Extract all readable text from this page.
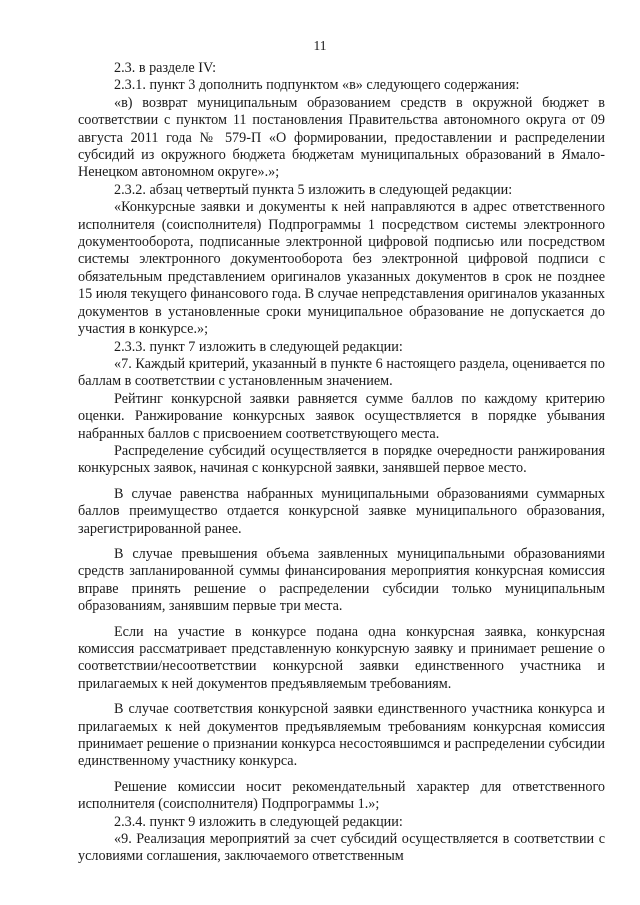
11

2.3. в разделе IV:

2.3.1. пункт 3 дополнить подпунктом «в» следующего содержания:

«в) возврат муниципальным образованием средств в окружной бюджет в соответствии с пунктом 11 постановления Правительства автономного округа от 09 августа 2011 года № 579-П «О формировании, предоставлении и распределении субсидий из окружного бюджета бюджетам муниципальных образований в Ямало-Ненецком автономном округе».»;

2.3.2. абзац четвертый пункта 5 изложить в следующей редакции:

«Конкурсные заявки и документы к ней направляются в адрес ответственного исполнителя (соисполнителя) Подпрограммы 1 посредством системы электронного документооборота, подписанные электронной цифровой подписью или посредством системы электронного документооборота без электронной цифровой подписи с обязательным представлением оригиналов указанных документов в срок не позднее 15 июля текущего финансового года. В случае непредставления оригиналов указанных документов в установленные сроки муниципальное образование не допускается до участия в конкурсе.»;

2.3.3. пункт 7 изложить в следующей редакции:

«7. Каждый критерий, указанный в пункте 6 настоящего раздела, оценивается по баллам в соответствии с установленным значением.

Рейтинг конкурсной заявки равняется сумме баллов по каждому критерию оценки. Ранжирование конкурсных заявок осуществляется в порядке убывания набранных баллов с присвоением соответствующего места.

Распределение субсидий осуществляется в порядке очередности ранжирования конкурсных заявок, начиная с конкурсной заявки, занявшей первое место.

В случае равенства набранных муниципальными образованиями суммарных баллов преимущество отдается конкурсной заявке муниципального образования, зарегистрированной ранее.

В случае превышения объема заявленных муниципальными образованиями средств запланированной суммы финансирования мероприятия конкурсная комиссия вправе принять решение о распределении субсидии только муниципальным образованиям, занявшим первые три места.

Если на участие в конкурсе подана одна конкурсная заявка, конкурсная комиссия рассматривает представленную конкурсную заявку и принимает решение о соответствии/несоответствии конкурсной заявки единственного участника и прилагаемых к ней документов предъявляемым требованиям.

В случае соответствия конкурсной заявки единственного участника конкурса и прилагаемых к ней документов предъявляемым требованиям конкурсная комиссия принимает решение о признании конкурса несостоявшимся и распределении субсидии единственному участнику конкурса.

Решение комиссии носит рекомендательный характер для ответственного исполнителя (соисполнителя) Подпрограммы 1.»;

2.3.4. пункт 9 изложить в следующей редакции:

«9. Реализация мероприятий за счет субсидий осуществляется в соответствии с условиями соглашения, заключаемого ответственным
